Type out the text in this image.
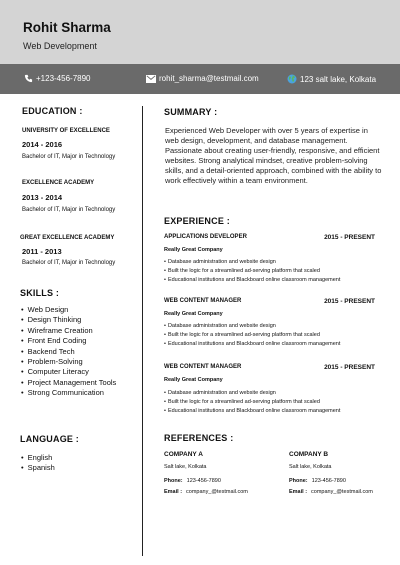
Rohit Sharma
Web Development
+123-456-7890	rohit_sharma@testmail.com	123 salt lake, Kolkata
EDUCATION :
UNIVERSITY OF EXCELLENCE
2014 - 2016
Bachelor of IT, Major in Technology
EXCELLENCE ACADEMY
2013 - 2014
Bachelor of IT, Major in Technology
GREAT EXCELLENCE ACADEMY
2011 - 2013
Bachelor of IT, Major in Technology
SKILLS :
• Web Design
• Design Thinking
• Wireframe Creation
• Front End Coding
• Backend Tech
• Problem-Solving
• Computer Literacy
• Project Management Tools
• Strong Communication
LANGUAGE :
• English
• Spanish
SUMMARY :
Experienced Web Developer with over 5 years of expertise in web design, development, and database management. Passionate about creating user-friendly, responsive, and efficient websites. Strong analytical mindset, creative problem-solving skills, and a detail-oriented approach, combined with the ability to work effectively within a team environment.
EXPERIENCE :
APPLICATIONS DEVELOPER	2015 - PRESENT
Really Great Company
• Database administration and website design
• Built the logic for a streamlined ad-serving platform that scaled
• Educational institutions and Blackboard online classroom management
WEB CONTENT MANAGER	2015 - PRESENT
Really Great Company
• Database administration and website design
• Built the logic for a streamlined ad-serving platform that scaled
• Educational institutions and Blackboard online classroom management
WEB CONTENT MANAGER	2015 - PRESENT
Really Great Company
• Database administration and website design
• Built the logic for a streamlined ad-serving platform that scaled
• Educational institutions and Blackboard online classroom management
REFERENCES :
COMPANY A
Salt lake, Kolkata
Phone: 123-456-7890
Email : company_@testmail.com
COMPANY B
Salt lake, Kolkata
Phone: 123-456-7890
Email : company_@testmail.com
